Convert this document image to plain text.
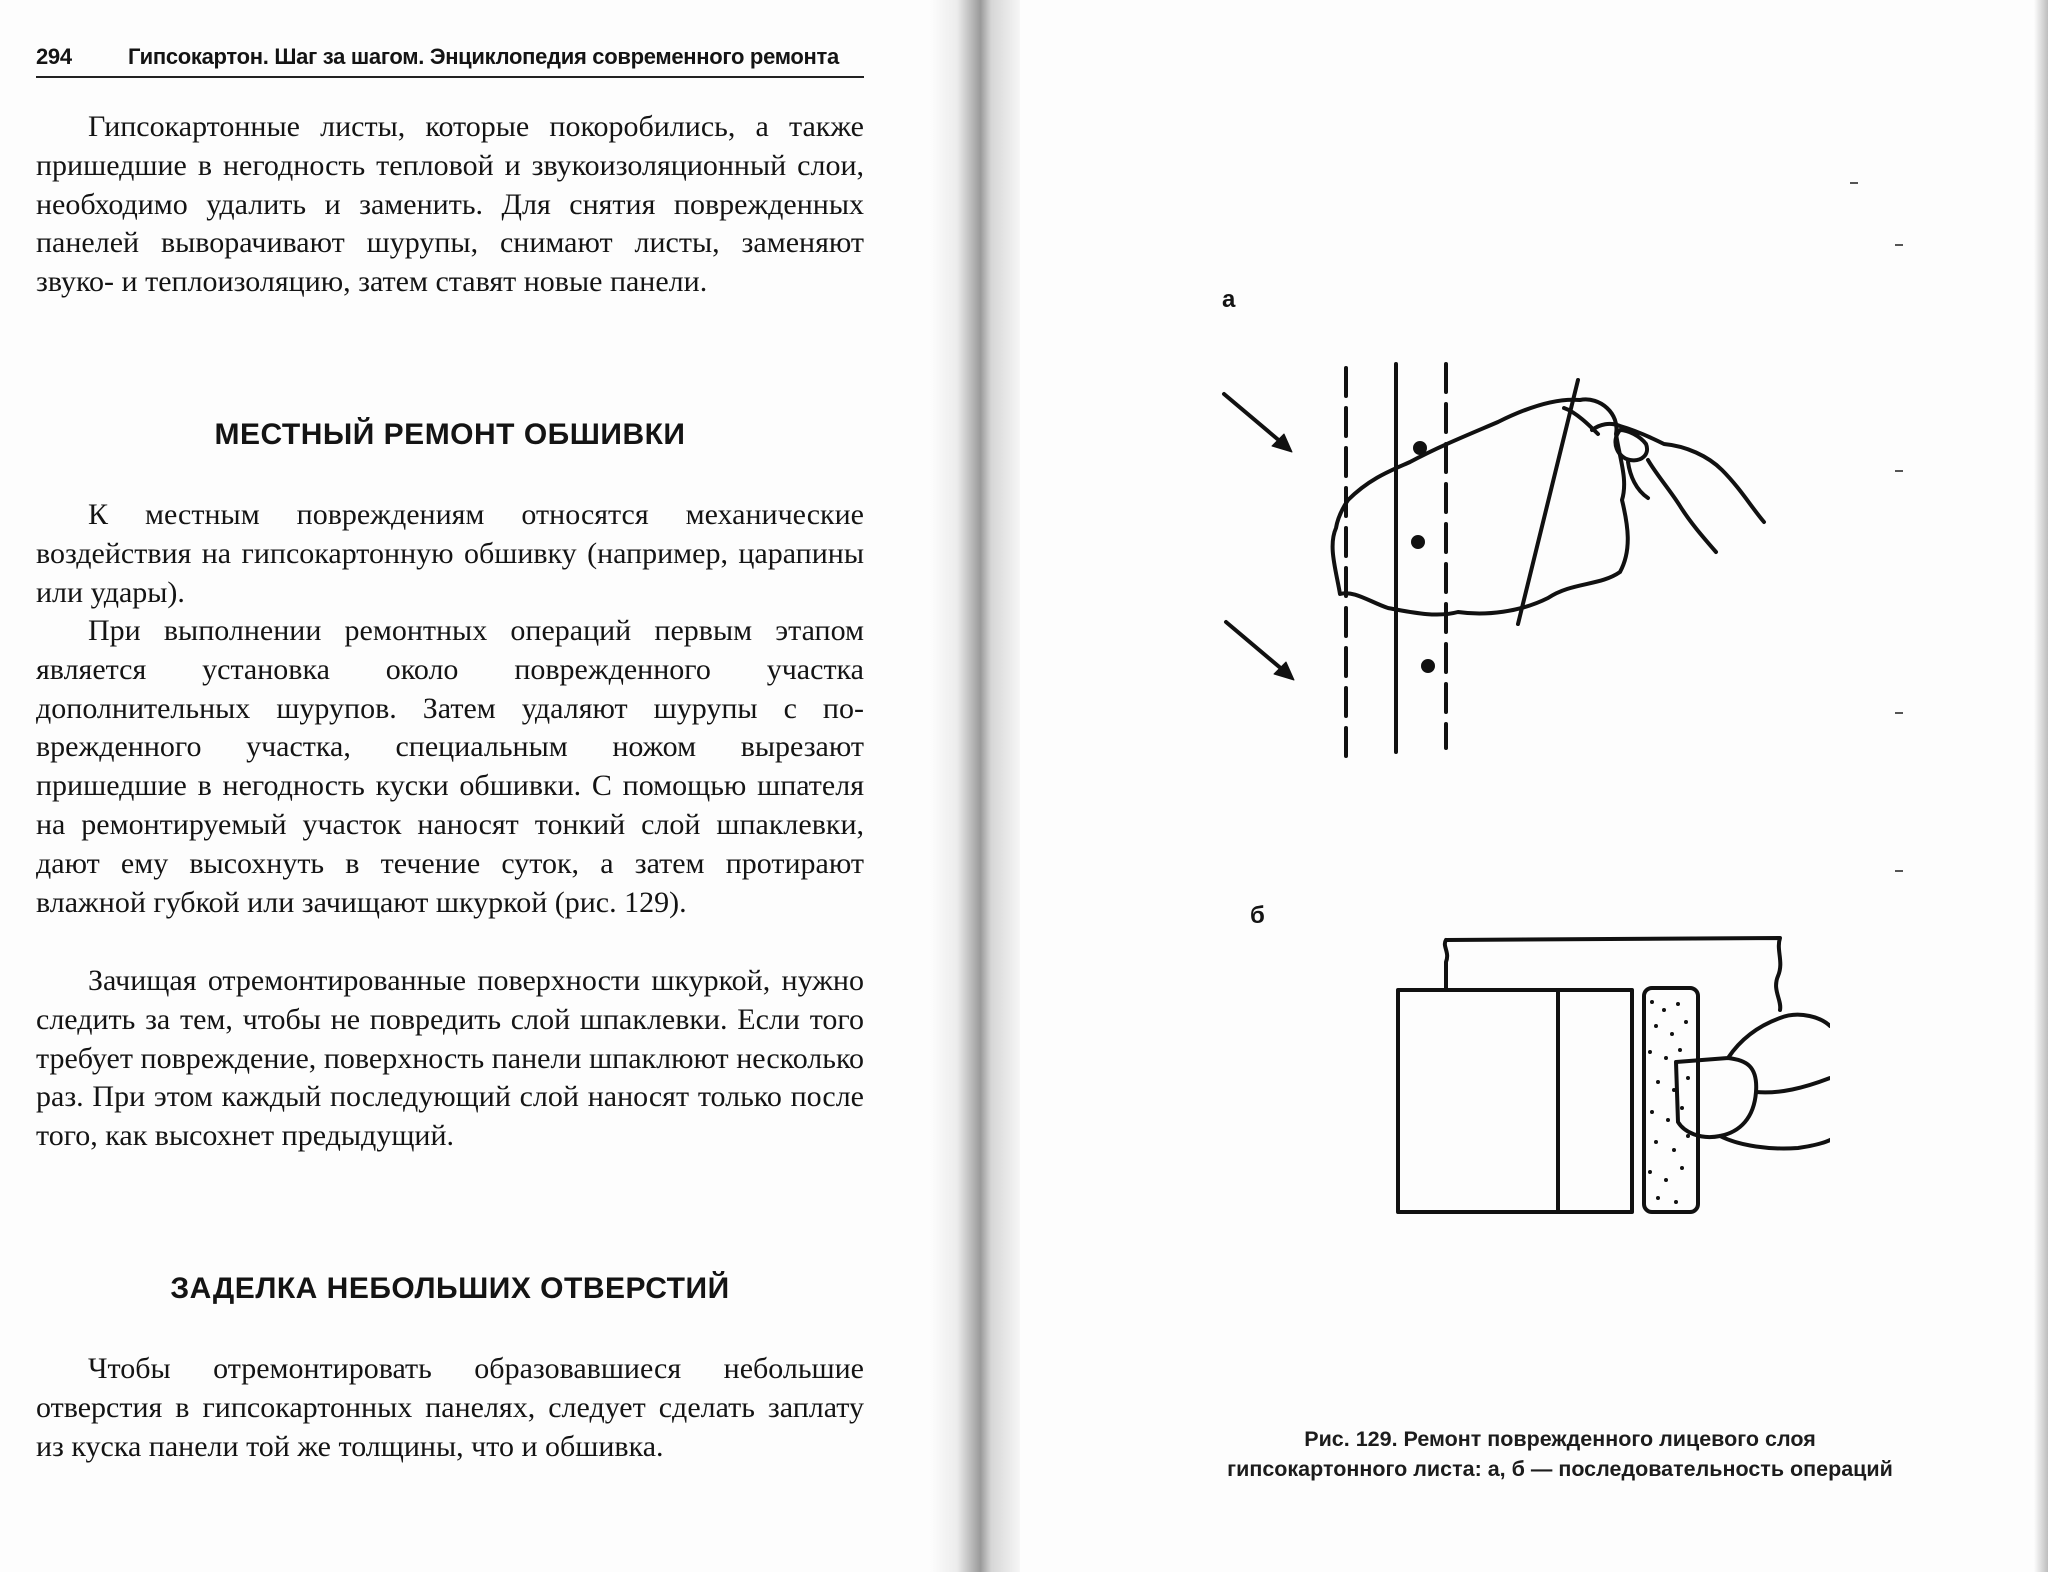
294	Гипсокартон. Шаг за шагом. Энциклопедия современного ремонта

Гипсокартонные листы, которые покоробились, а также пришедшие в негодность тепловой и звукоизоляционный слои, необходимо удалить и заменить. Для снятия поврежденных панелей выворачивают шурупы, снимают листы, заменяют звуко- и теплоизоляцию, затем ставят новые панели.

МЕСТНЫЙ РЕМОНТ ОБШИВКИ

К местным повреждениям относятся механические воздействия на гипсокартонную обшивку (например, царапины или удары).

При выполнении ремонтных операций первым этапом является установка около поврежденного участка дополнительных шурупов. Затем удаляют шурупы с поврежденного участка, специальным ножом вырезают пришедшие в негодность куски обшивки. С помощью шпателя на ремонтируемый участок наносят тонкий слой шпаклевки, дают ему высохнуть в течение суток, а затем протирают влажной губкой или зачищают шкуркой (рис. 129).

Зачищая отремонтированные поверхности шкуркой, нужно следить за тем, чтобы не повредить слой шпаклевки. Если того требует повреждение, поверхность панели шпаклюют несколько раз. При этом каждый последующий слой наносят только после того, как высохнет предыдущий.

ЗАДЕЛКА НЕБОЛЬШИХ ОТВЕРСТИЙ

Чтобы отремонтировать образовавшиеся небольшие отверстия в гипсокартонных панелях, следует сделать заплату из куска панели той же толщины, что и обшивка.

а
б

Рис. 129. Ремонт поврежденного лицевого слоя
гипсокартонного листа: а, б — последовательность операций
